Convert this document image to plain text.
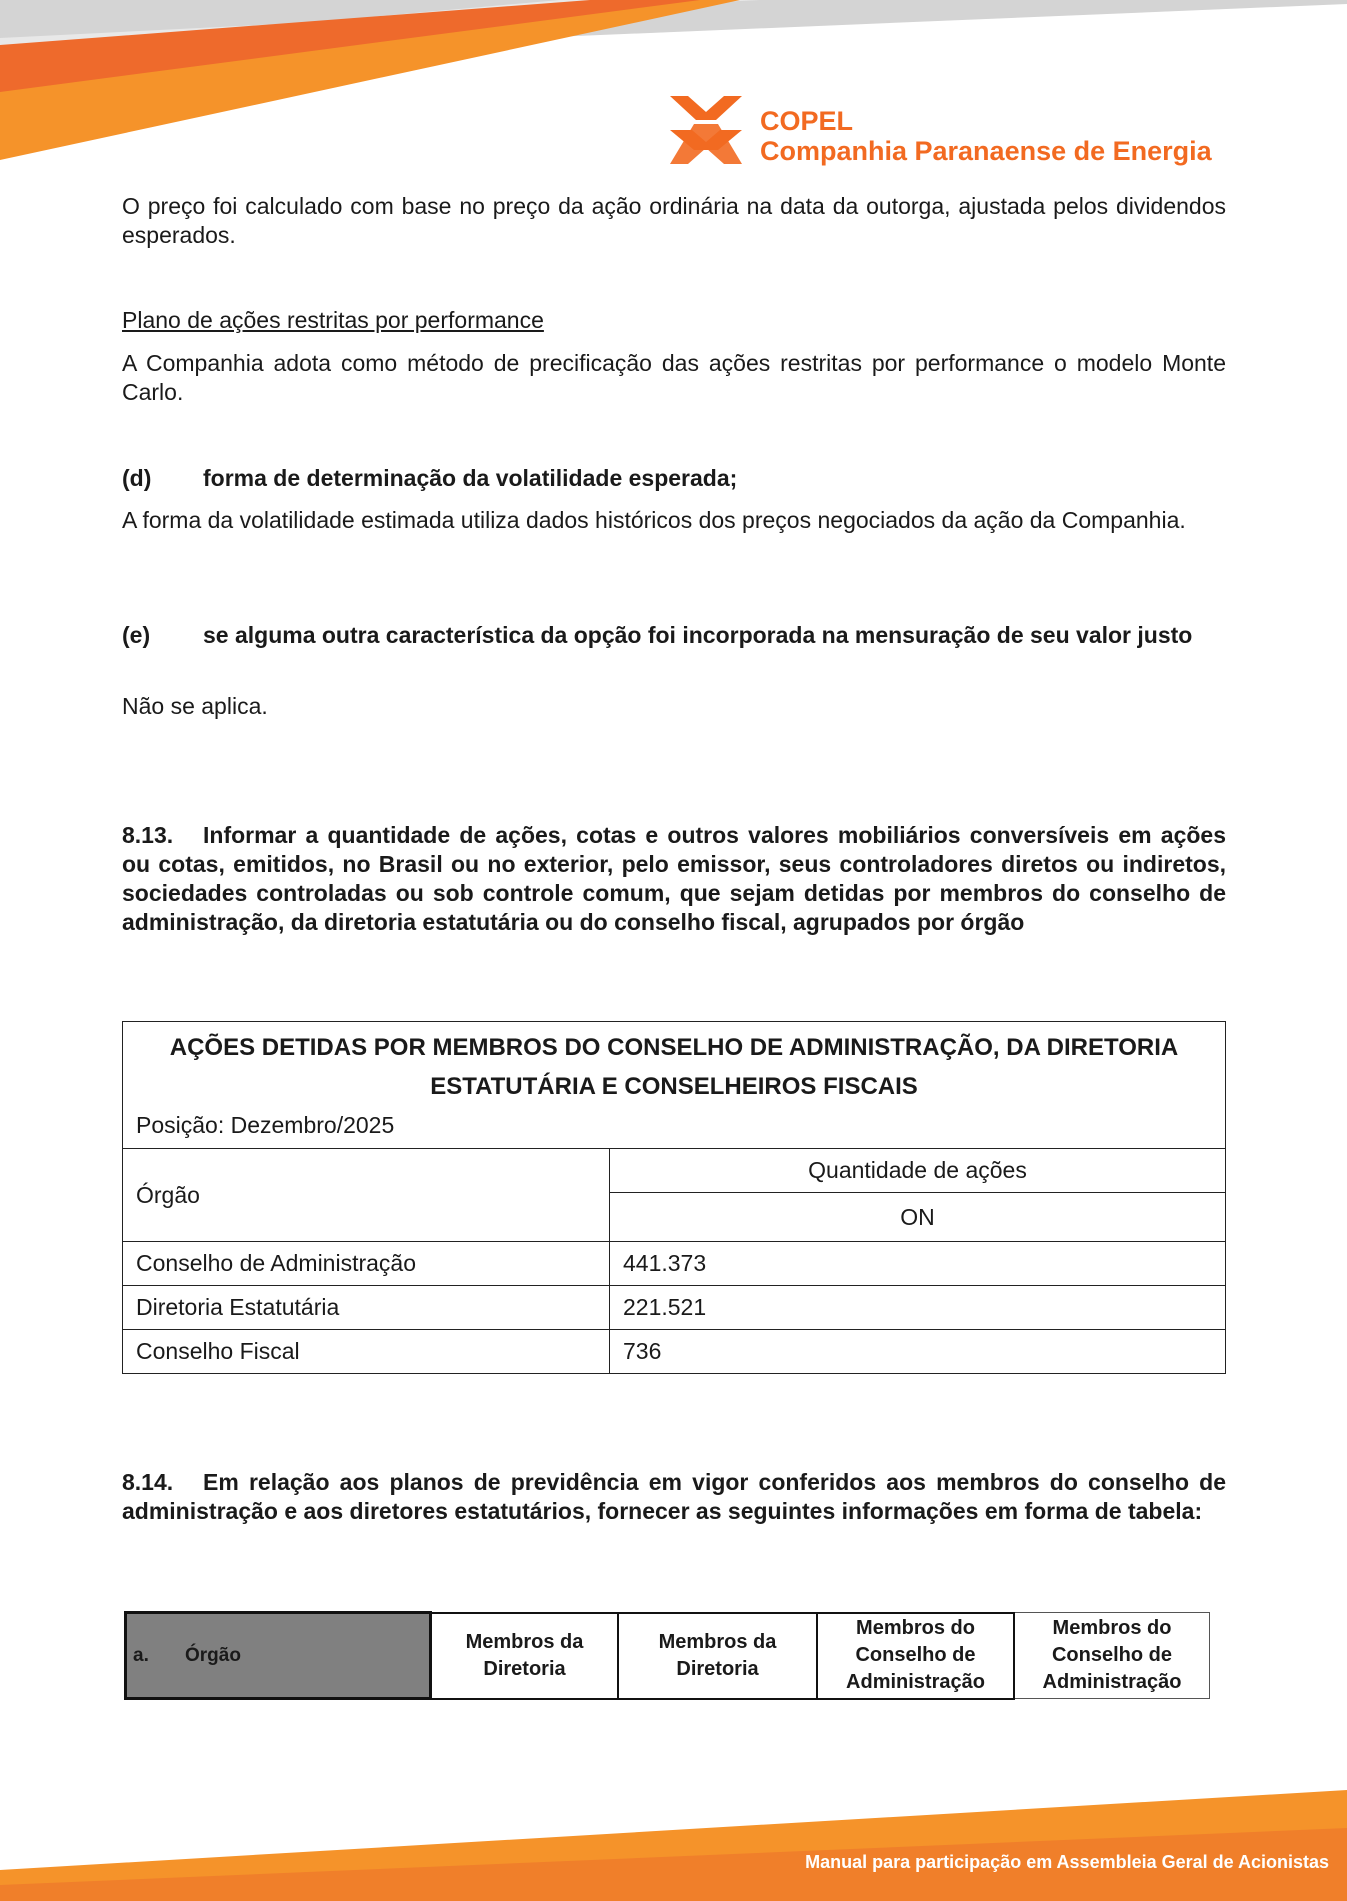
COPEL
Companhia Paranaense de Energia

O preço foi calculado com base no preço da ação ordinária na data da outorga, ajustada pelos dividendos esperados.

Plano de ações restritas por performance

A Companhia adota como método de precificação das ações restritas por performance o modelo Monte Carlo.

(d) forma de determinação da volatilidade esperada;

A forma da volatilidade estimada utiliza dados históricos dos preços negociados da ação da Companhia.

(e) se alguma outra característica da opção foi incorporada na mensuração de seu valor justo

Não se aplica.

8.13. Informar a quantidade de ações, cotas e outros valores mobiliários conversíveis em ações ou cotas, emitidos, no Brasil ou no exterior, pelo emissor, seus controladores diretos ou indiretos, sociedades controladas ou sob controle comum, que sejam detidas por membros do conselho de administração, da diretoria estatutária ou do conselho fiscal, agrupados por órgão

AÇÕES DETIDAS POR MEMBROS DO CONSELHO DE ADMINISTRAÇÃO, DA DIRETORIA
ESTATUTÁRIA E CONSELHEIROS FISCAIS	

Posição: Dezembro/2025	
Órgão	Quantidade de ações
	ON
Conselho de Administração	441.373
Diretoria Estatutária	221.521
Conselho Fiscal	736

8.14. Em relação aos planos de previdência em vigor conferidos aos membros do conselho de administração e aos diretores estatutários, fornecer as seguintes informações em forma de tabela:

a. Órgão	
Membros da
Diretoria

Membros da
Diretoria

Membros do
Conselho de
Administração

Membros do
Conselho de
Administração
Manual para participação em Assembleia Geral de Acionistas
